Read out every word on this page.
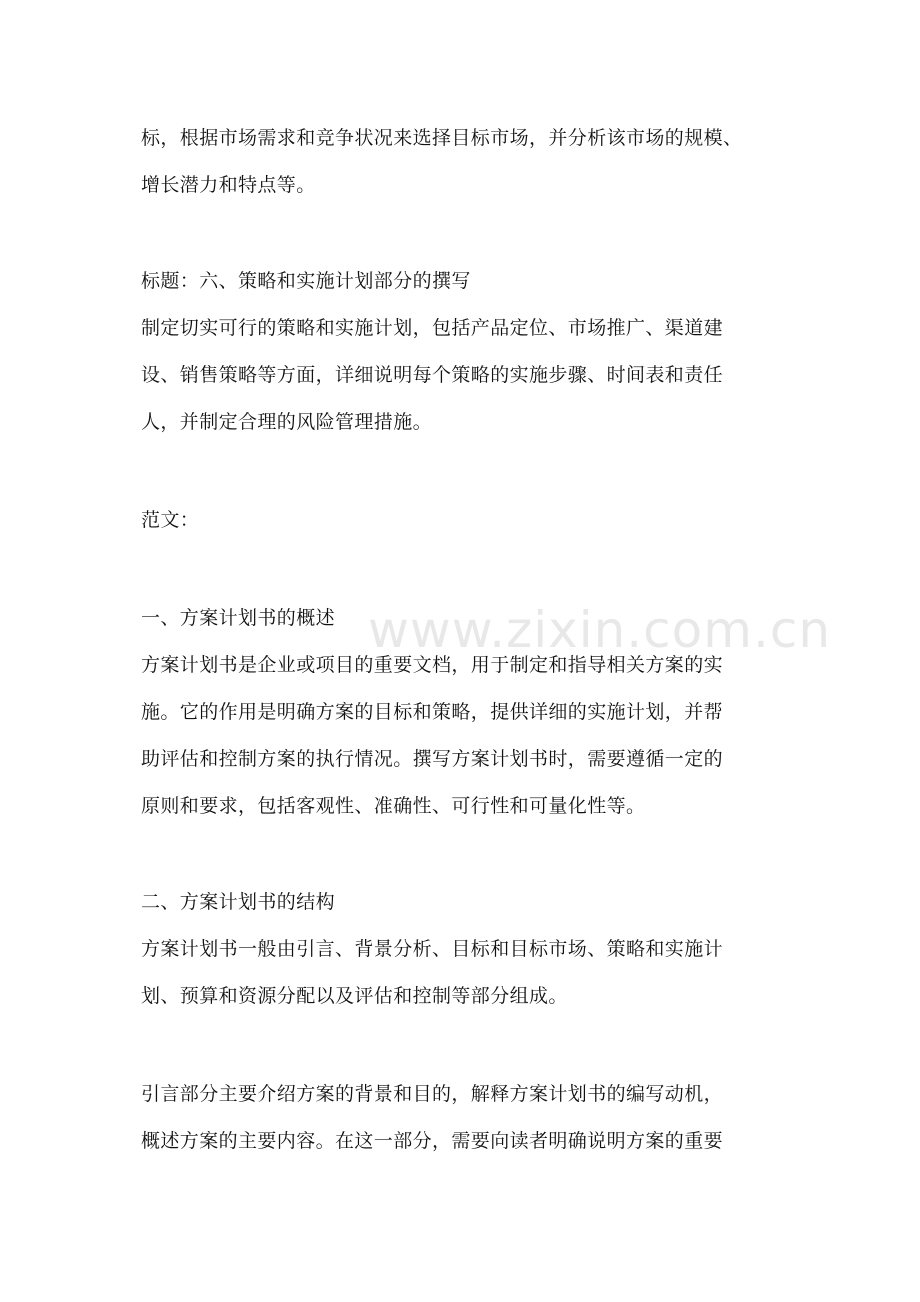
标，根据市场需求和竞争状况来选择目标市场，并分析该市场的规模、
增长潜力和特点等。
标题：六、策略和实施计划部分的撰写
制定切实可行的策略和实施计划，包括产品定位、市场推广、渠道建
设、销售策略等方面，详细说明每个策略的实施步骤、时间表和责任
人，并制定合理的风险管理措施。
范文：
一、方案计划书的概述
方案计划书是企业或项目的重要文档，用于制定和指导相关方案的实
施。它的作用是明确方案的目标和策略，提供详细的实施计划，并帮
助评估和控制方案的执行情况。撰写方案计划书时，需要遵循一定的
原则和要求，包括客观性、准确性、可行性和可量化性等。
二、方案计划书的结构
方案计划书一般由引言、背景分析、目标和目标市场、策略和实施计
划、预算和资源分配以及评估和控制等部分组成。
引言部分主要介绍方案的背景和目的，解释方案计划书的编写动机，
概述方案的主要内容。在这一部分，需要向读者明确说明方案的重要
www.zixin.com.cn
